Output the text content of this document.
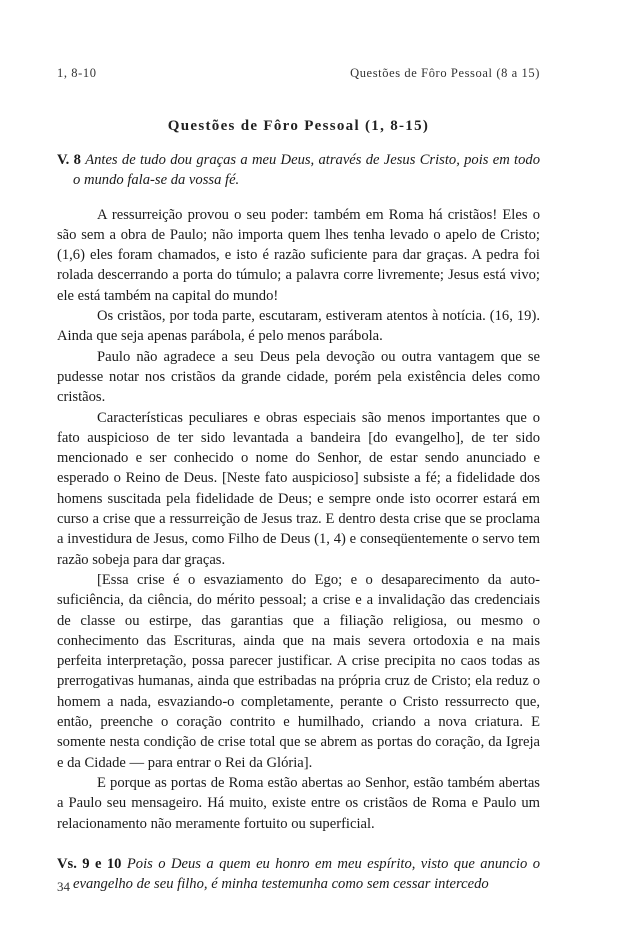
1, 8-10	Questões de Fôro Pessoal (8 a 15)
Questões de Fôro Pessoal (1, 8-15)

V. 8 Antes de tudo dou graças a meu Deus, através de Jesus Cristo, pois em todo o mundo fala-se da vossa fé.

A ressurreição provou o seu poder: também em Roma há cristãos! Eles o são sem a obra de Paulo; não importa quem lhes tenha levado o apelo de Cristo; (1,6) eles foram chamados, e isto é razão suficiente para dar graças. A pedra foi rolada descerrando a porta do túmulo; a palavra corre livremente; Jesus está vivo; ele está também na capital do mundo!

Os cristãos, por toda parte, escutaram, estiveram atentos à notícia. (16, 19). Ainda que seja apenas parábola, é pelo menos parábola.

Paulo não agradece a seu Deus pela devoção ou outra vantagem que se pudesse notar nos cristãos da grande cidade, porém pela existência deles como cristãos.

Características peculiares e obras especiais são menos importantes que o fato auspicioso de ter sido levantada a bandeira [do evangelho], de ter sido mencionado e ser conhecido o nome do Senhor, de estar sendo anunciado e esperado o Reino de Deus. [Neste fato auspicioso] subsiste a fé; a fidelidade dos homens suscitada pela fidelidade de Deus; e sempre onde isto ocorrer estará em curso a crise que a ressurreição de Jesus traz. E dentro desta crise que se proclama a investidura de Jesus, como Filho de Deus (1, 4) e conseqüentemente o servo tem razão sobeja para dar graças.

[Essa crise é o esvaziamento do Ego; e o desaparecimento da auto-suficiência, da ciência, do mérito pessoal; a crise e a invalidação das credenciais de classe ou estirpe, das garantias que a filiação religiosa, ou mesmo o conhecimento das Escrituras, ainda que na mais severa ortodoxia e na mais perfeita interpretação, possa parecer justificar. A crise precipita no caos todas as prerrogativas humanas, ainda que estribadas na própria cruz de Cristo; ela reduz o homem a nada, esvaziando-o completamente, perante o Cristo ressurrecto que, então, preenche o coração contrito e humilhado, criando a nova criatura. E somente nesta condição de crise total que se abrem as portas do coração, da Igreja e da Cidade — para entrar o Rei da Glória].

E porque as portas de Roma estão abertas ao Senhor, estão também abertas a Paulo seu mensageiro. Há muito, existe entre os cristãos de Roma e Paulo um relacionamento não meramente fortuito ou superficial.

Vs. 9 e 10 Pois o Deus a quem eu honro em meu espírito, visto que anuncio o evangelho de seu filho, é minha testemunha como sem cessar intercedo

34
